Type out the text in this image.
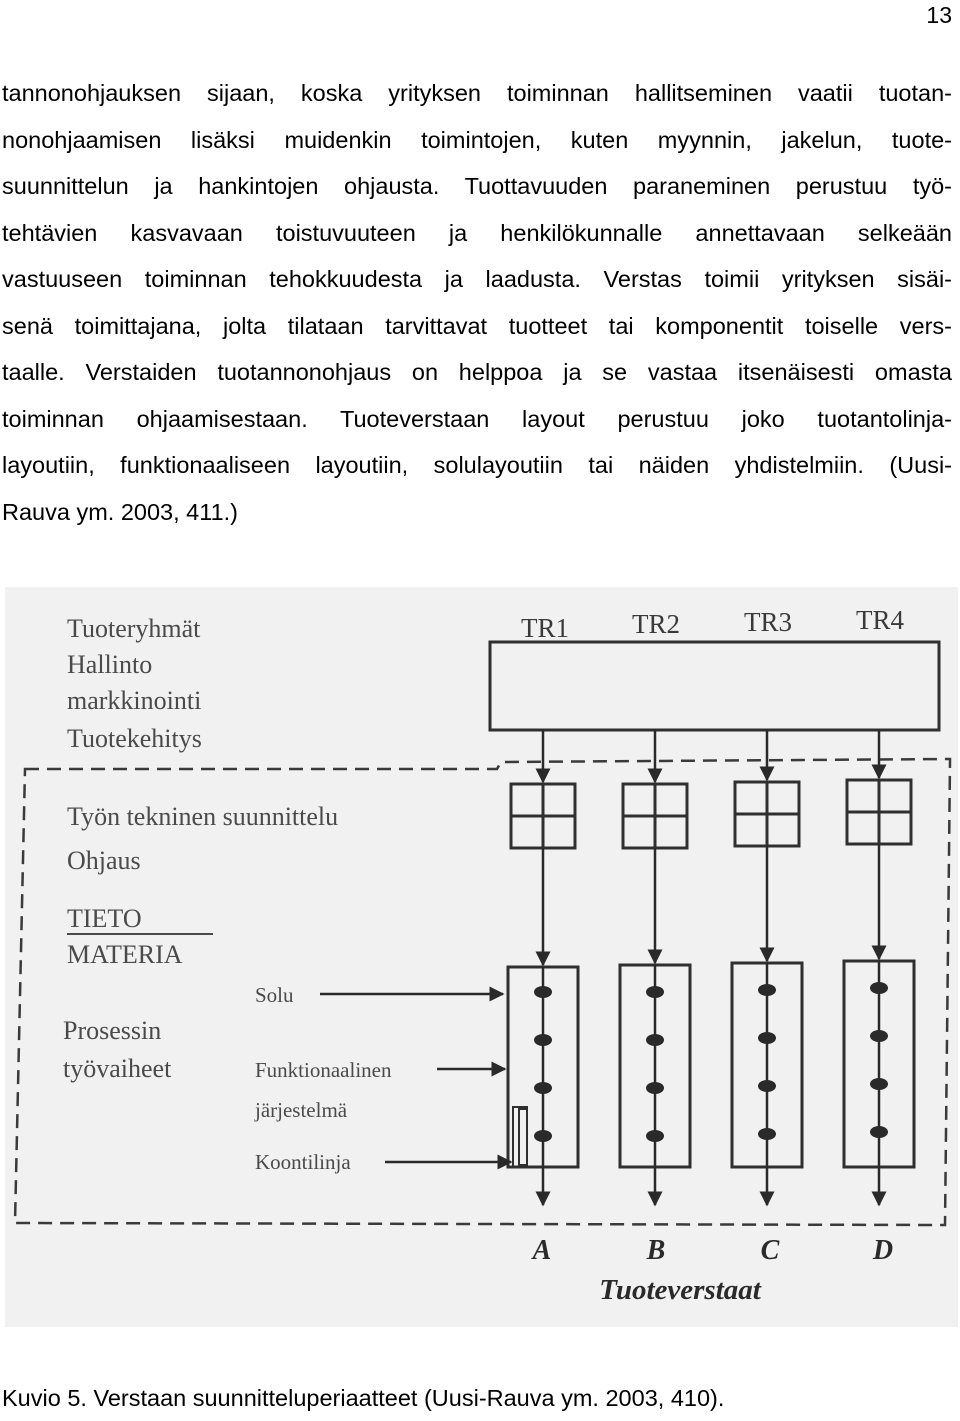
13
tannonohjauksen sijaan, koska yrityksen toiminnan hallitseminen vaatii tuotan-
nonohjaamisen lisäksi muidenkin toimintojen, kuten myynnin, jakelun, tuote-
suunnittelun ja hankintojen ohjausta. Tuottavuuden paraneminen perustuu työ-
tehtävien kasvavaan toistuvuuteen ja henkilökunnalle annettavaan selkeään
vastuuseen toiminnan tehokkuudesta ja laadusta. Verstas toimii yrityksen sisäi-
senä toimittajana, jolta tilataan tarvittavat tuotteet tai komponentit toiselle vers-
taalle. Verstaiden tuotannonohjaus on helppoa ja se vastaa itsenäisesti omasta
toiminnan ohjaamisestaan. Tuoteverstaan layout perustuu joko tuotantolinja-
layoutiin, funktionaaliseen layoutiin, solulayoutiin tai näiden yhdistelmiin. (Uusi-
Rauva ym. 2003, 411.)
Tuoteryhmät
Hallinto
markkinointi
Tuotekehitys
Työn tekninen suunnittelu
Ohjaus
TIETO
MATERIA
Prosessin
työvaiheet
Solu
Funktionaalinen
järjestelmä
Koontilinja
TR1 TR2 TR3 TR4
A	B	C	D
Tuoteverstaat
Kuvio 5. Verstaan suunnitteluperiaatteet (Uusi-Rauva ym. 2003, 410).
